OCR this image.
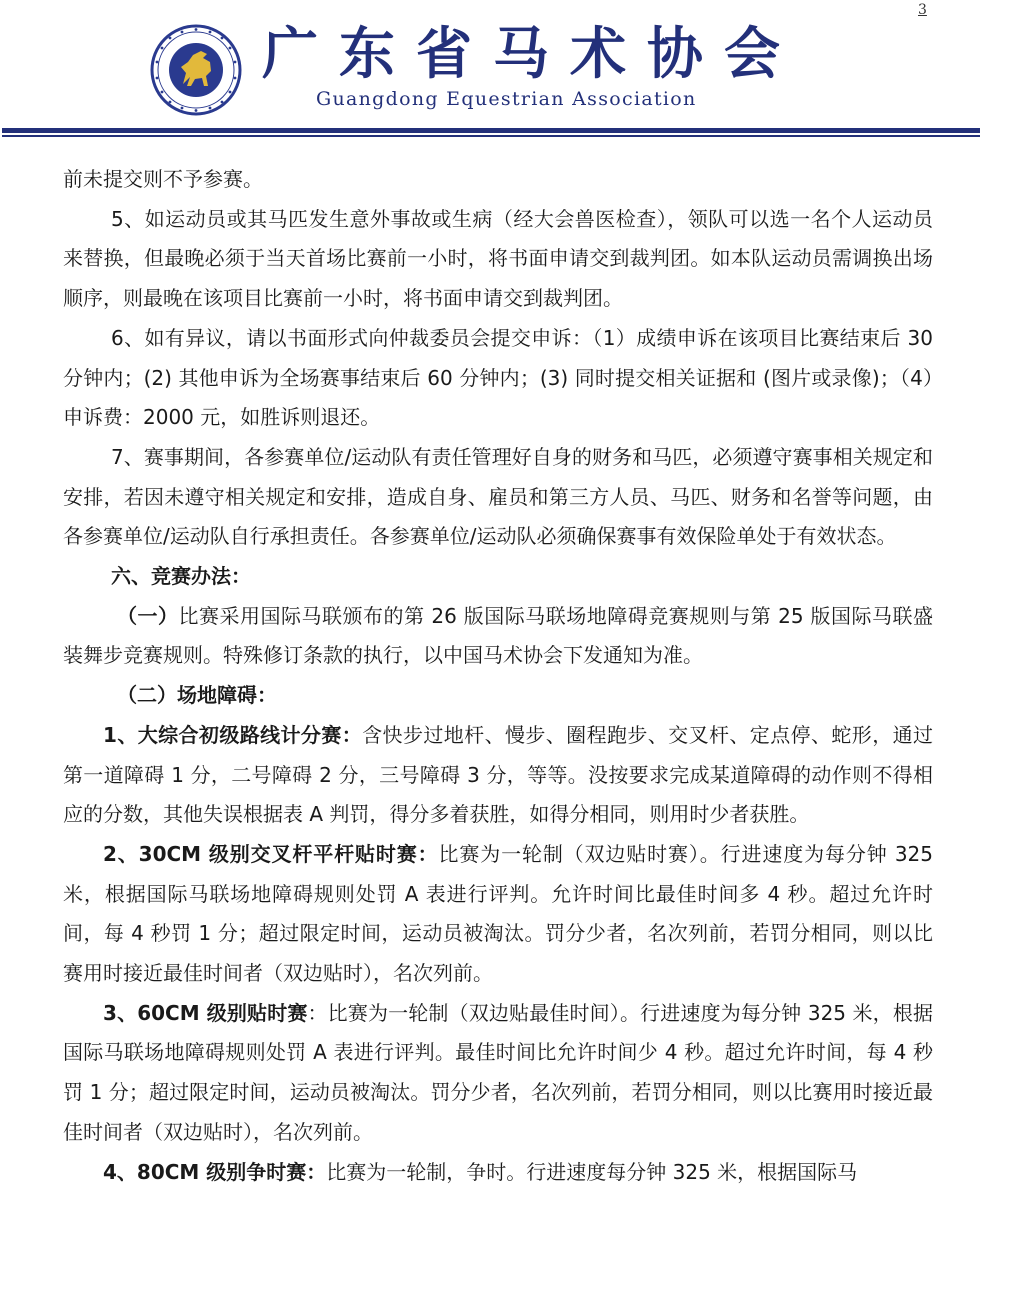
3
广东省马术协会
Guangdong Equestrian Association

前未提交则不予参赛。

5、如运动员或其马匹发生意外事故或生病（经大会兽医检查），领队可以选一名个人运动员来替换，但最晚必须于当天首场比赛前一小时，将书面申请交到裁判团。如本队运动员需调换出场顺序，则最晚在该项目比赛前一小时，将书面申请交到裁判团。

6、如有异议，请以书面形式向仲裁委员会提交申诉：（1）成绩申诉在该项目比赛结束后 30 分钟内；(2) 其他申诉为全场赛事结束后 60 分钟内；(3) 同时提交相关证据和 (图片或录像)；（4）申诉费：2000 元，如胜诉则退还。

7、赛事期间，各参赛单位/运动队有责任管理好自身的财务和马匹，必须遵守赛事相关规定和安排，若因未遵守相关规定和安排，造成自身、雇员和第三方人员、马匹、财务和名誉等问题，由各参赛单位/运动队自行承担责任。各参赛单位/运动队必须确保赛事有效保险单处于有效状态。

六、竞赛办法：

（一）比赛采用国际马联颁布的第 26 版国际马联场地障碍竞赛规则与第 25 版国际马联盛装舞步竞赛规则。特殊修订条款的执行，以中国马术协会下发通知为准。

（二）场地障碍：

1、大综合初级路线计分赛：含快步过地杆、慢步、圈程跑步、交叉杆、定点停、蛇形，通过第一道障碍 1 分，二号障碍 2 分，三号障碍 3 分，等等。没按要求完成某道障碍的动作则不得相应的分数，其他失误根据表 A 判罚，得分多着获胜，如得分相同，则用时少者获胜。

2、30CM 级别交叉杆平杆贴时赛：比赛为一轮制（双边贴时赛）。行进速度为每分钟 325 米，根据国际马联场地障碍规则处罚 A 表进行评判。允许时间比最佳时间多 4 秒。超过允许时间，每 4 秒罚 1 分；超过限定时间，运动员被淘汰。罚分少者，名次列前，若罚分相同，则以比赛用时接近最佳时间者（双边贴时），名次列前。

3、60CM 级别贴时赛：比赛为一轮制（双边贴最佳时间）。行进速度为每分钟 325 米，根据国际马联场地障碍规则处罚 A 表进行评判。最佳时间比允许时间少 4 秒。超过允许时间，每 4 秒罚 1 分；超过限定时间，运动员被淘汰。罚分少者，名次列前，若罚分相同，则以比赛用时接近最佳时间者（双边贴时），名次列前。

4、80CM 级别争时赛：比赛为一轮制，争时。行进速度每分钟 325 米，根据国际马
